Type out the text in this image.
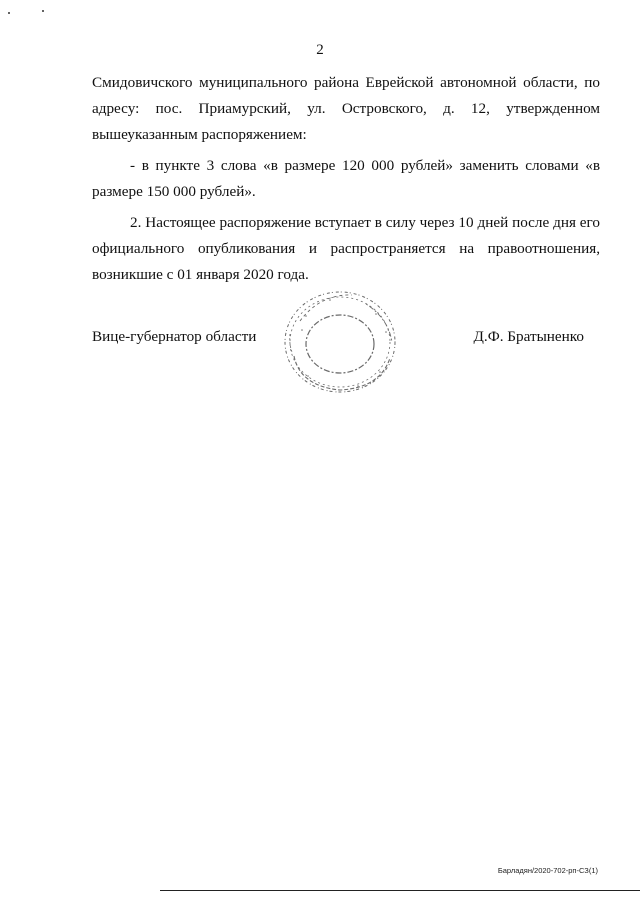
2

Смидовичского муниципального района Еврейской автономной области, по адресу: пос. Приамурский, ул. Островского, д. 12, утвержденном вышеуказанным распоряжением:

- в пункте 3 слова «в размере 120 000 рублей» заменить словами «в размере 150 000 рублей».

2. Настоящее распоряжение вступает в силу через 10 дней после дня его официального опубликования и распространяется на правоотношения, возникшие с 01 января 2020 года.

Вице-губернатор области	Д.Ф. Братыненко
Барладян/2020-702-рп-СЗ(1)
